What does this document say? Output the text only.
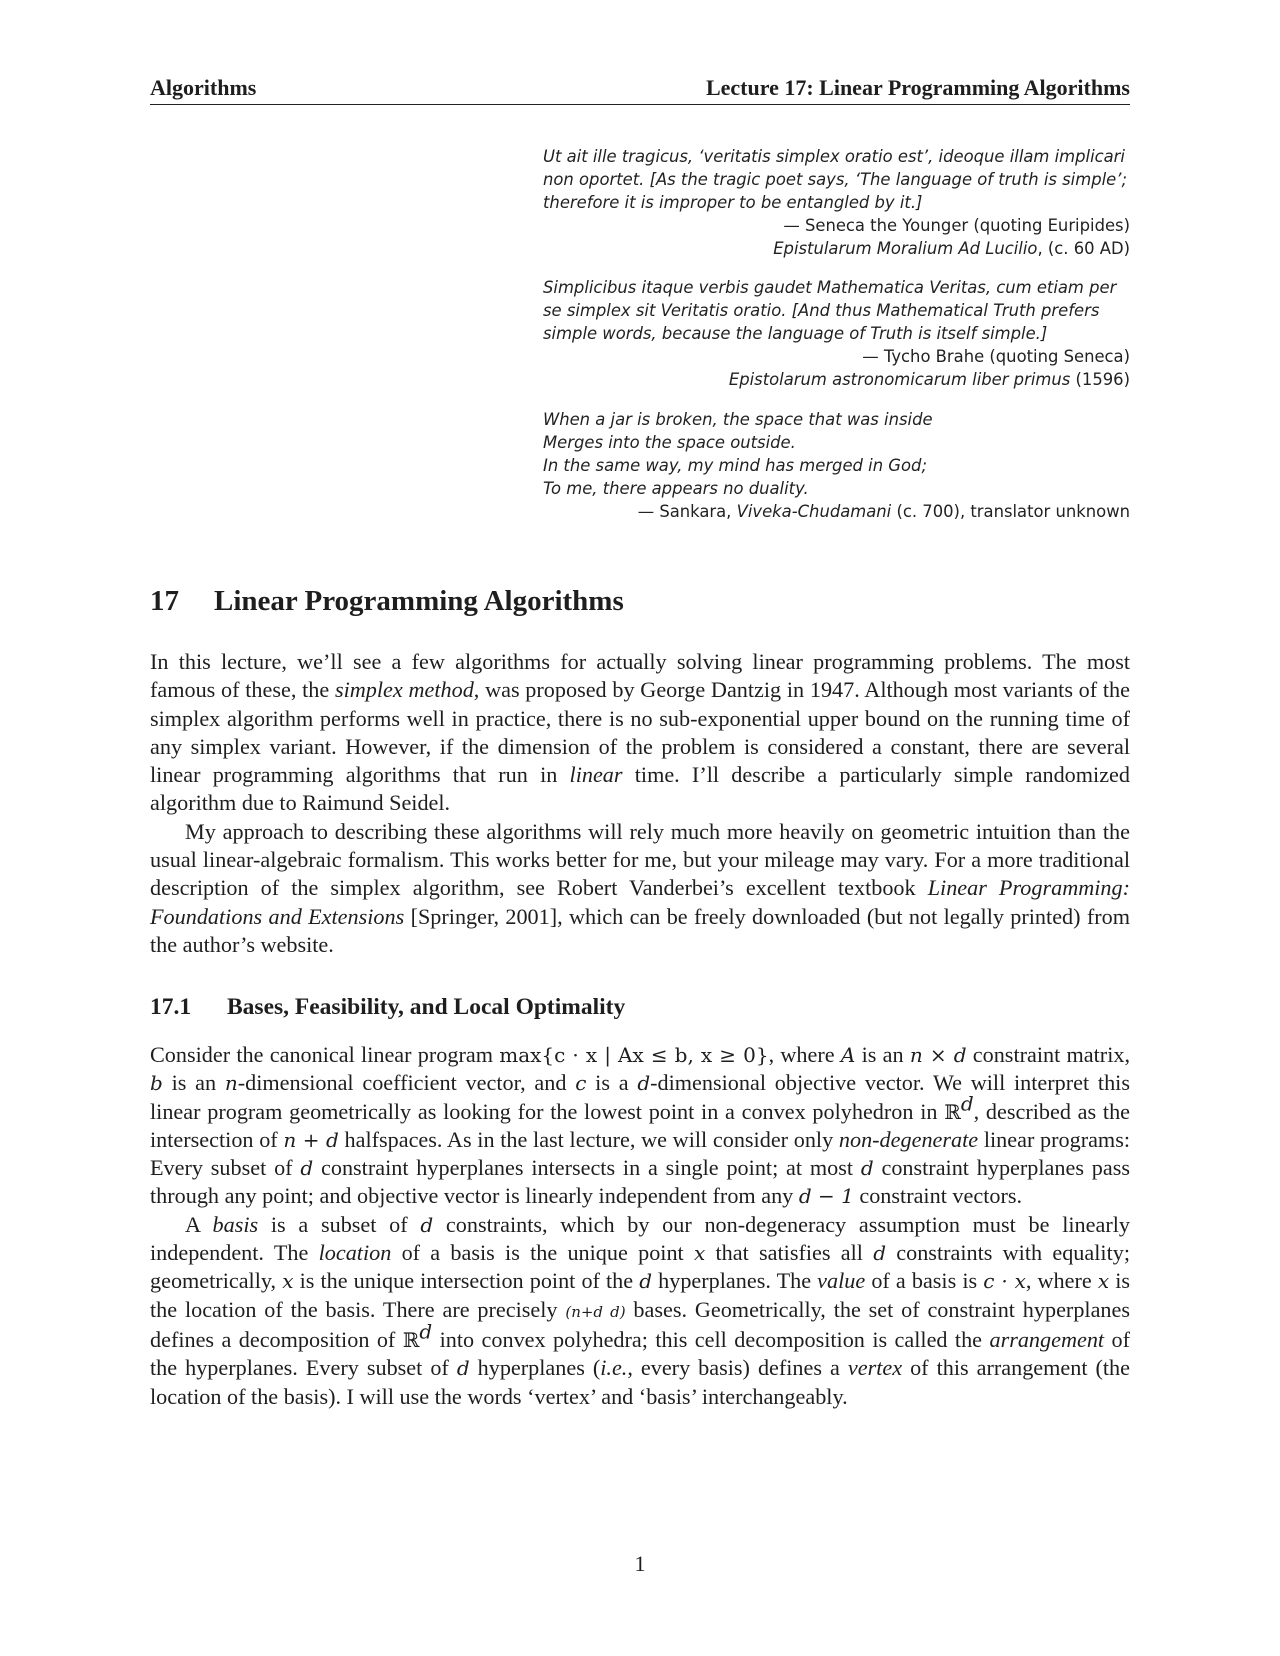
Algorithms	Lecture 17: Linear Programming Algorithms
Ut ait ille tragicus, ‘veritatis simplex oratio est’, ideoque illam implicari non oportet. [As the tragic poet says, ‘The language of truth is simple’; therefore it is improper to be entangled by it.]
— Seneca the Younger (quoting Euripides)
Epistularum Moralium Ad Lucilio, (c. 60 AD)
Simplicibus itaque verbis gaudet Mathematica Veritas, cum etiam per se simplex sit Veritatis oratio. [And thus Mathematical Truth prefers simple words, because the language of Truth is itself simple.]
— Tycho Brahe (quoting Seneca)
Epistolarum astronomicarum liber primus (1596)
When a jar is broken, the space that was inside
Merges into the space outside.
In the same way, my mind has merged in God;
To me, there appears no duality.
— Sankara, Viveka-Chudamani (c. 700), translator unknown
17 Linear Programming Algorithms

In this lecture, we’ll see a few algorithms for actually solving linear programming problems. The most famous of these, the simplex method, was proposed by George Dantzig in 1947. Although most variants of the simplex algorithm performs well in practice, there is no sub-exponential upper bound on the running time of any simplex variant. However, if the dimension of the problem is considered a constant, there are several linear programming algorithms that run in linear time. I’ll describe a particularly simple randomized algorithm due to Raimund Seidel.

My approach to describing these algorithms will rely much more heavily on geometric intuition than the usual linear-algebraic formalism. This works better for me, but your mileage may vary. For a more traditional description of the simplex algorithm, see Robert Vanderbei’s excellent textbook Linear Programming: Foundations and Extensions [Springer, 2001], which can be freely downloaded (but not legally printed) from the author’s website.

17.1 Bases, Feasibility, and Local Optimality

Consider the canonical linear program max{c · x | Ax ≤ b, x ≥ 0}, where A is an n × d constraint matrix, b is an n-dimensional coefficient vector, and c is a d-dimensional objective vector. We will interpret this linear program geometrically as looking for the lowest point in a convex polyhedron in ℝ$^d$, described as the intersection of n + d halfspaces. As in the last lecture, we will consider only non-degenerate linear programs: Every subset of d constraint hyperplanes intersects in a single point; at most d constraint hyperplanes pass through any point; and objective vector is linearly independent from any d − 1 constraint vectors.

A basis is a subset of d constraints, which by our non-degeneracy assumption must be linearly independent. The location of a basis is the unique point x that satisfies all d constraints with equality; geometrically, x is the unique intersection point of the d hyperplanes. The value of a basis is c · x, where x is the location of the basis. There are precisely (n+d d) bases. Geometrically, the set of constraint hyperplanes defines a decomposition of ℝ$^d$ into convex polyhedra; this cell decomposition is called the arrangement of the hyperplanes. Every subset of d hyperplanes (i.e., every basis) defines a vertex of this arrangement (the location of the basis). I will use the words ‘vertex’ and ‘basis’ interchangeably.

1
